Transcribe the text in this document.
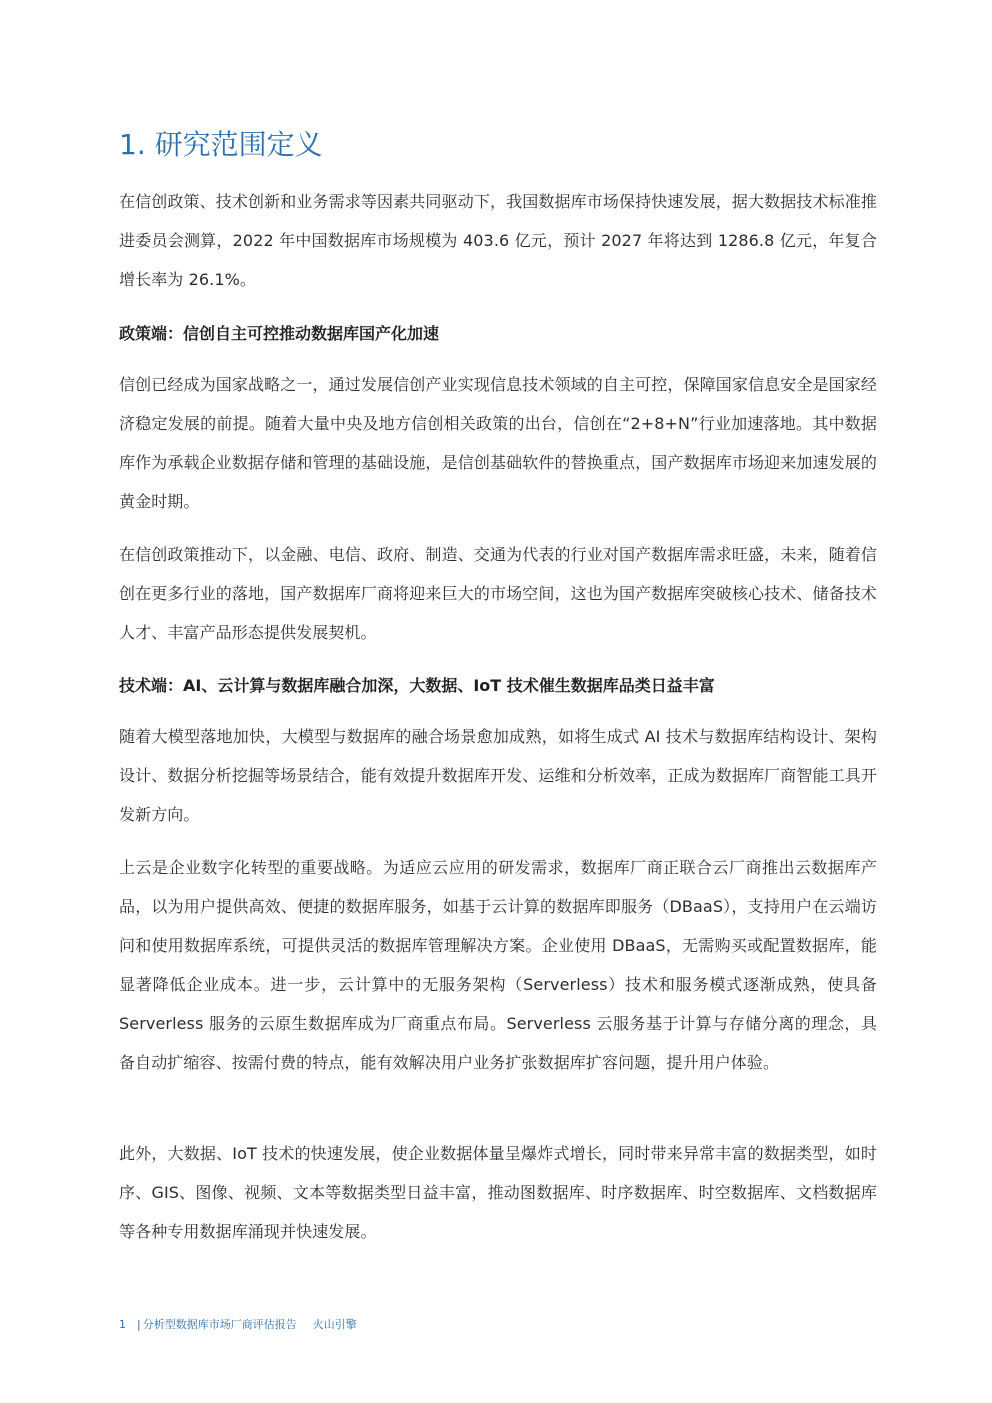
1. 研究范围定义

在信创政策、技术创新和业务需求等因素共同驱动下，我国数据库市场保持快速发展，据大数据技术标准推进委员会测算，2022 年中国数据库市场规模为 403.6 亿元，预计 2027 年将达到 1286.8 亿元，年复合增长率为 26.1%。

政策端：信创自主可控推动数据库国产化加速

信创已经成为国家战略之一，通过发展信创产业实现信息技术领域的自主可控，保障国家信息安全是国家经济稳定发展的前提。随着大量中央及地方信创相关政策的出台，信创在“2+8+N”行业加速落地。其中数据库作为承载企业数据存储和管理的基础设施，是信创基础软件的替换重点，国产数据库市场迎来加速发展的黄金时期。

在信创政策推动下，以金融、电信、政府、制造、交通为代表的行业对国产数据库需求旺盛，未来，随着信创在更多行业的落地，国产数据库厂商将迎来巨大的市场空间，这也为国产数据库突破核心技术、储备技术人才、丰富产品形态提供发展契机。

技术端：AI、云计算与数据库融合加深，大数据、IoT 技术催生数据库品类日益丰富

随着大模型落地加快，大模型与数据库的融合场景愈加成熟，如将生成式 AI 技术与数据库结构设计、架构设计、数据分析挖掘等场景结合，能有效提升数据库开发、运维和分析效率，正成为数据库厂商智能工具开发新方向。

上云是企业数字化转型的重要战略。为适应云应用的研发需求，数据库厂商正联合云厂商推出云数据库产品，以为用户提供高效、便捷的数据库服务，如基于云计算的数据库即服务（DBaaS），支持用户在云端访问和使用数据库系统，可提供灵活的数据库管理解决方案。企业使用 DBaaS，无需购买或配置数据库，能显著降低企业成本。进一步，云计算中的无服务架构（Serverless）技术和服务模式逐渐成熟，使具备 Serverless 服务的云原生数据库成为厂商重点布局。Serverless 云服务基于计算与存储分离的理念，具备自动扩缩容、按需付费的特点，能有效解决用户业务扩张数据库扩容问题，提升用户体验。

此外，大数据、IoT 技术的快速发展，使企业数据体量呈爆炸式增长，同时带来异常丰富的数据类型，如时序、GIS、图像、视频、文本等数据类型日益丰富，推动图数据库、时序数据库、时空数据库、文档数据库等各种专用数据库涌现并快速发展。

1 | 分析型数据库市场厂商评估报告 火山引擎
